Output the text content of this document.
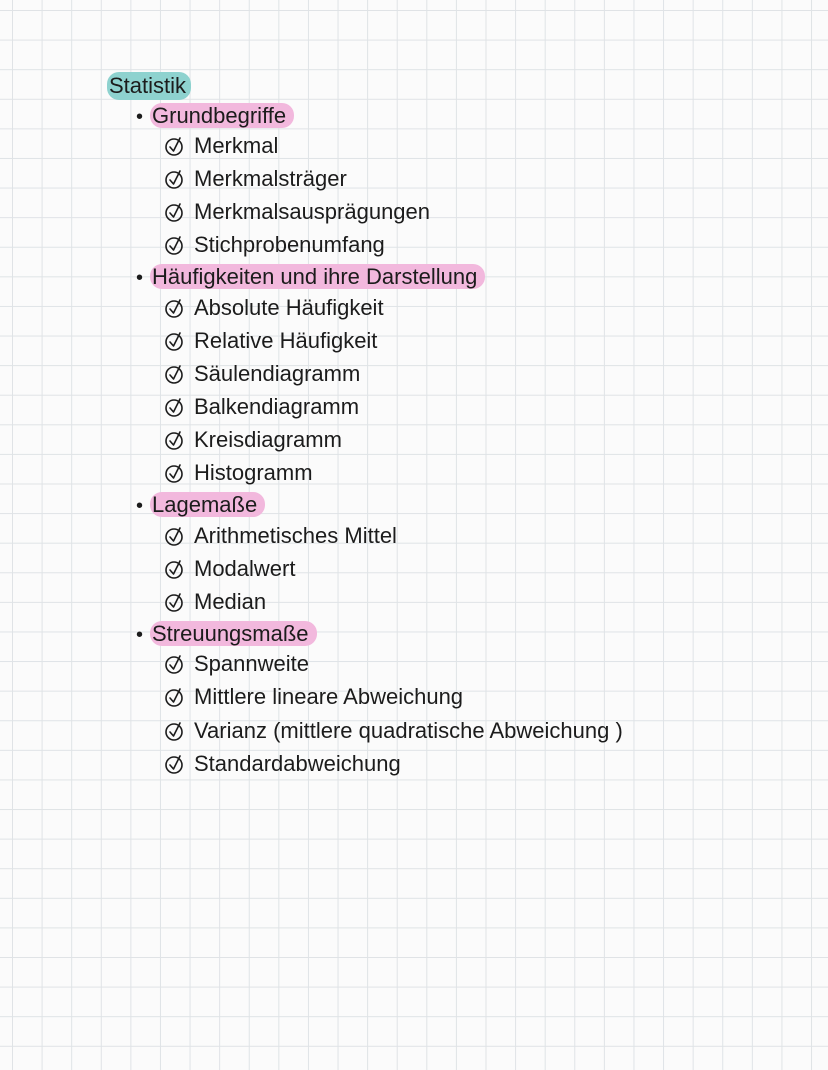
Statistik
• Grundbegriffe
Merkmal
Merkmalsträger
Merkmalsausprägungen
Stichprobenumfang
• Häufigkeiten und ihre Darstellung
Absolute Häufigkeit
Relative Häufigkeit
Säulendiagramm
Balkendiagramm
Kreisdiagramm
Histogramm
• Lagemaße
Arithmetisches Mittel
Modalwert
Median
• Streuungsmaße
Spannweite
Mittlere lineare Abweichung
Varianz (mittlere quadratische Abweichung )
Standardabweichung
